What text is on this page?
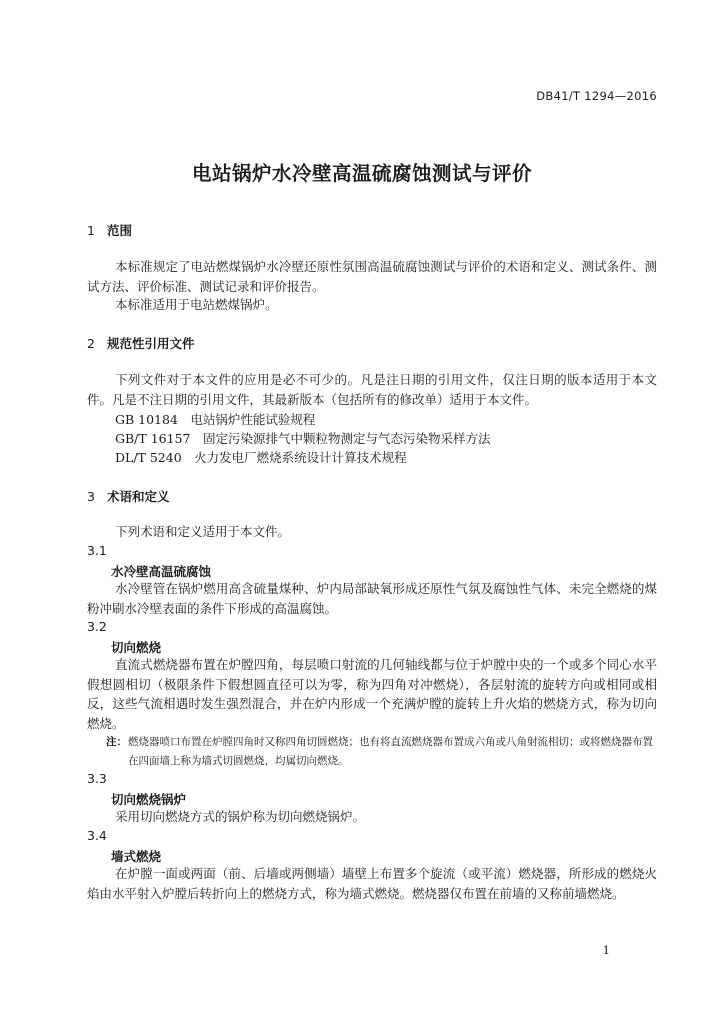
DB41/T 1294—2016
电站锅炉水冷壁高温硫腐蚀测试与评价
1 范围
本标准规定了电站燃煤锅炉水冷壁还原性氛围高温硫腐蚀测试与评价的术语和定义、测试条件、测试方法、评价标准、测试记录和评价报告。
本标准适用于电站燃煤锅炉。
2 规范性引用文件
下列文件对于本文件的应用是必不可少的。凡是注日期的引用文件，仅注日期的版本适用于本文件。凡是不注日期的引用文件，其最新版本（包括所有的修改单）适用于本文件。
GB 10184　电站锅炉性能试验规程
GB/T 16157　固定污染源排气中颗粒物测定与气态污染物采样方法
DL/T 5240　火力发电厂燃烧系统设计计算技术规程
3 术语和定义
下列术语和定义适用于本文件。
3.1
水冷壁高温硫腐蚀
水冷壁管在锅炉燃用高含硫量煤种、炉内局部缺氧形成还原性气氛及腐蚀性气体、未完全燃烧的煤粉冲刷水冷壁表面的条件下形成的高温腐蚀。
3.2
切向燃烧
直流式燃烧器布置在炉膛四角，每层喷口射流的几何轴线都与位于炉膛中央的一个或多个同心水平假想圆相切（极限条件下假想圆直径可以为零，称为四角对冲燃烧），各层射流的旋转方向或相同或相反，这些气流相遇时发生强烈混合，并在炉内形成一个充满炉膛的旋转上升火焰的燃烧方式，称为切向燃烧。
注： 燃烧器喷口布置在炉膛四角时又称四角切圆燃烧；也有将直流燃烧器布置成六角或八角射流相切；或将燃烧器布置在四面墙上称为墙式切圆燃烧，均属切向燃烧。
3.3
切向燃烧锅炉
采用切向燃烧方式的锅炉称为切向燃烧锅炉。
3.4
墙式燃烧
在炉膛一面或两面（前、后墙或两侧墙）墙壁上布置多个旋流（或平流）燃烧器，所形成的燃烧火焰由水平射入炉膛后转折向上的燃烧方式，称为墙式燃烧。燃烧器仅布置在前墙的又称前墙燃烧。
1
